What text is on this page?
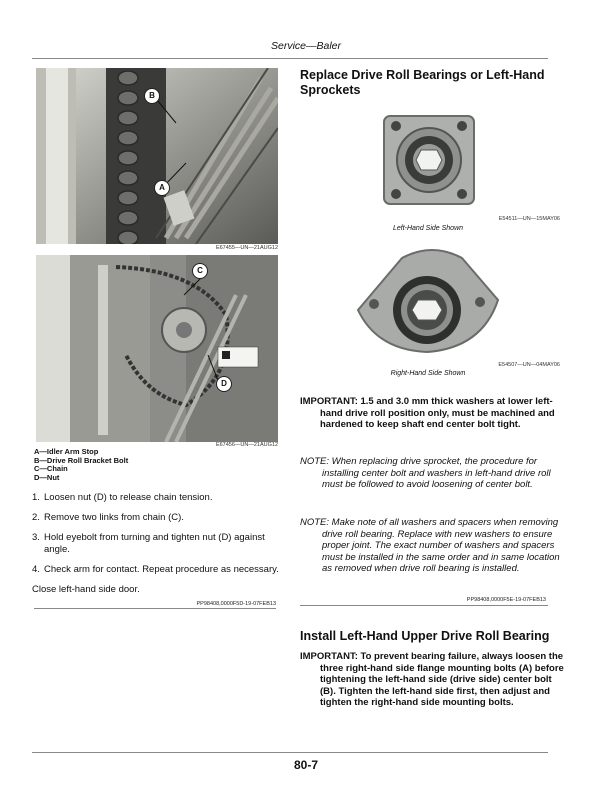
Service—Baler
B
A
E67455—UN—21AUG12
C
D
E67456—UN—21AUG12
A—Idler Arm Stop
B—Drive Roll Bracket Bolt
C—Chain
D—Nut
1. Loosen nut (D) to release chain tension.
2. Remove two links from chain (C).
3. Hold eyebolt from turning and tighten nut (D) against angle.
4. Check arm for contact. Repeat procedure as necessary.
Close left-hand side door.
PP98408,0000F5D-19-07FEB13
Replace Drive Roll Bearings or Left-Hand Sprockets
E54511—UN—15MAY06
Left-Hand Side Shown
E54507—UN—04MAY06
Right-Hand Side Shown
IMPORTANT: 1.5 and 3.0 mm thick washers at lower left-hand drive roll position only, must be machined and hardened to keep shaft end center bolt tight.
NOTE: When replacing drive sprocket, the procedure for installing center bolt and washers in left-hand drive roll must be followed to avoid loosening of center bolt.
NOTE: Make note of all washers and spacers when removing drive roll bearing. Replace with new washers to ensure proper joint. The exact number of washers and spacers must be installed in the same order and in same location as removed when drive roll bearing is installed.
PP98408,0000F5E-19-07FEB13
Install Left-Hand Upper Drive Roll Bearing
IMPORTANT: To prevent bearing failure, always loosen the three right-hand side flange mounting bolts (A) before tightening the left-hand side (drive side) center bolt (B). Tighten the left-hand side first, then adjust and tighten the right-hand side mounting bolts.
80-7
